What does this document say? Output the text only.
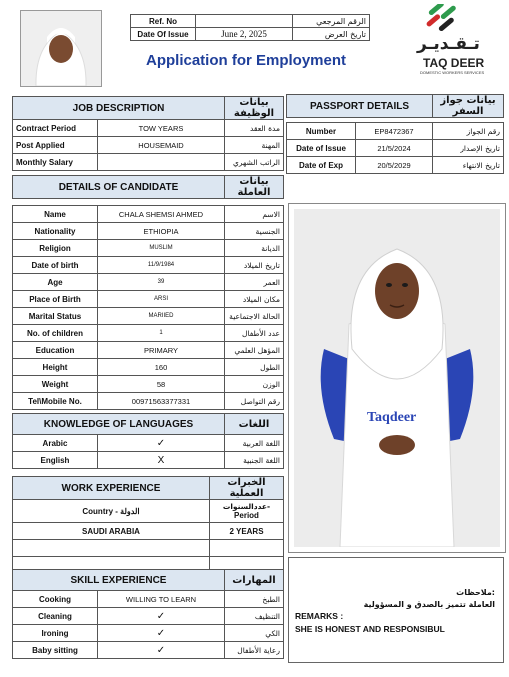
Ref. No		الرقم المرجعي
Date Of Issue	June 2, 2025	تاريخ العرض
Application for Employment
تـقـديـر
TAQ DEER
DOMESTIC WORKERS SERVICES
JOB DESCRIPTION		بيانات الوظيفة
Contract Period	TOW YEARS	مدة العقد
Post Applied	HOUSEMAID	المهنة
Monthly Salary		الراتب الشهري
PASSPORT DETAILS		بيانات جواز السفر

Number	EP8472367	رقم الجواز
Date of Issue	21/5/2024	تاريخ الإصدار
Date of Exp	20/5/2029	تاريخ الانتهاء
DETAILS OF CANDIDATE		بيانات العاملة

Name	CHALA SHEMSI AHMED	الاسم
Nationality	ETHIOPIA	الجنسية
Religion	MUSLIM	الديانة
Date of birth	11/9/1984	تاريخ الميلاد
Age	39	العمر
Place of Birth	ARSI	مكان الميلاد
Marital Status	MARIIED	الحالة الاجتماعية
No. of children	1	عدد الأطفال
Education	PRIMARY	المؤهل العلمي
Height	160	الطول
Weight	58	الوزن
Tel\Mobile No.	00971563377331	رقم التواصل
KNOWLEDGE OF LANGUAGES		اللغات
Arabic	✓	اللغة العربية
English	X	اللغة الجنبية
WORK EXPERIENCE	الخبرات العملية
Country - الدولة	عددالسنوات-
Period

SAUDI ARABIA	2 YEARS

SKILL EXPERIENCE		المهارات
Cooking	WILLING TO LEARN	الطبخ
Cleaning	✓	التنظيف
Ironing	✓	الكي
Baby sitting	✓	رعاية الأطفال
Taqdeer
ملاحظات:
العاملة تتميز بالصدق و المسؤولية
REMARKS :
SHE IS HONEST AND RESPONSIBUL
